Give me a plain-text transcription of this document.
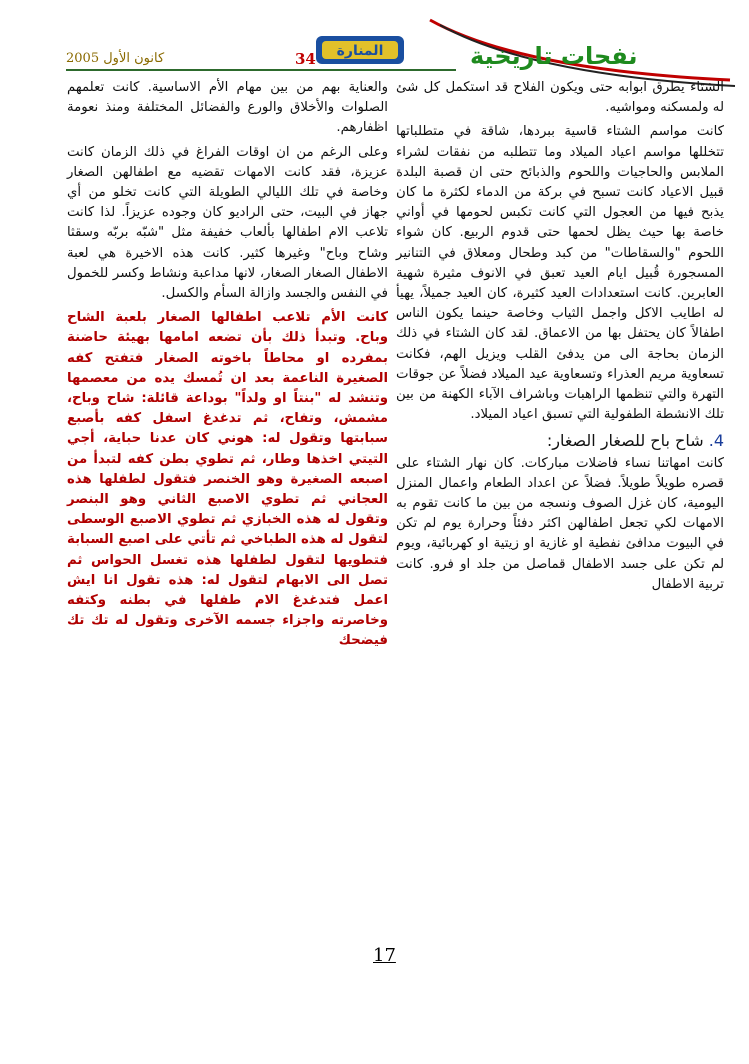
كانون الأول 2005	34 المنارة	نفحات تاريخية

الشتاء يطرق ابوابه حتى ويكون الفلاح قد استكمل كل شئ له ولمسكنه ومواشيه.

كانت مواسم الشتاء قاسية ببردها، شاقة في متطلباتها تتخللها مواسم اعياد الميلاد وما تتطلبه من نفقات لشراء الملابس والحاجيات واللحوم والذبائح حتى ان قصبة البلدة قبيل الاعياد كانت تسبح في بركة من الدماء لكثرة ما كان يذبح فيها من العجول التي كانت تكبس لحومها في أواني خاصة بها حيث يظل لحمها حتى قدوم الربيع. كان شواء اللحوم "والسقاطات" من كبد وطحال ومعلاق في التنانير المسجورة قُبيل ايام العيد تعبق في الانوف مثيرة شهية العابرين. كانت استعدادات العيد كثيرة، كان العيد جميلاً، يهيأ له اطايب الاكل واجمل الثياب وخاصة حينما يكون الناس اطفالاً كان يحتفل بها من الاعماق. لقد كان الشتاء في ذلك الزمان بحاجة الى من يدفئ القلب ويزيل الهم، فكانت تسعاوية مريم العذراء وتسعاوية عيد الميلاد فضلاً عن جوقات التهرة والتي تنظمها الراهبات وباشراف الآباء الكهنة من بين تلك الانشطة الطفولية التي تسبق اعياد الميلاد.

4. شاح باح للصغار الصغار:

كانت امهاتنا نساء فاضلات مباركات. كان نهار الشتاء على قصره طويلاً طويلاً. فضلاً عن اعداد الطعام واعمال المنزل اليومية، كان غزل الصوف ونسجه من بين ما كانت تقوم به الامهات لكي تجعل اطفالهن اكثر دفئاً وحرارة يوم لم تكن في البيوت مدافئ نفطية او غازية او زيتية او كهربائية، ويوم لم تكن على جسد الاطفال قماصل من جلد او فرو. كانت تربية الاطفال

والعناية بهم من بين مهام الأم الاساسية. كانت تعلمهم الصلوات والأخلاق والورع والفضائل المختلفة ومنذ نعومة اظفارهم.

وعلى الرغم من ان اوقات الفراغ في ذلك الزمان كانت عزيزة، فقد كانت الامهات تقضيه مع اطفالهن الصغار وخاصة في تلك الليالي الطويلة التي كانت تخلو من أي جهاز في البيت، حتى الراديو كان وجوده عزيزاً. لذا كانت تلاعب الام اطفالها بألعاب خفيفة مثل "شبّه بربّه وسقثا وشاح وباح" وغيرها كثير. كانت هذه الاخيرة هي لعبة الاطفال الصغار الصغار، لانها مداعبة ونشاط وكسر للخمول في النفس والجسد وازالة السأم والكسل.

كانت الأم تلاعب اطفالها الصغار بلعبة الشاح وباح. وتبدأ ذلك بأن تضعه امامها بهيئة حاضنة بمفرده او محاطاً باخوته الصغار فتفتح كفه الصغيرة الناعمة بعد ان تُمسك يده من معصمها وتنشد له "بنتاً او ولداً" بوداعة قائلة: شاح وباح، مشمش، وتفاح، ثم تدغدغ اسفل كفه بأصبع سبابتها وتقول له: هوني كان عدنا حباية، أجي التيتي اخذها وطار، ثم تطوي بطن كفه لتبدأ من اصبعه الصغيرة وهو الخنصر فتقول لطفلها هذه العجاني ثم تطوي الاصبع الثاني وهو البنصر وتقول له هذه الخبازي ثم تطوي الاصبع الوسطى لتقول له هذه الطباخي ثم تأتي على اصبع السبابة فتطويها لتقول لطفلها هذه تغسل الحواس ثم تصل الى الابهام لتقول له: هذه تقول انا ايش اعمل فتدغدغ الام طفلها في بطنه وكتفه وخاصرته واجزاء جسمه الآخرى وتقول له تك تك فيضحك

17
